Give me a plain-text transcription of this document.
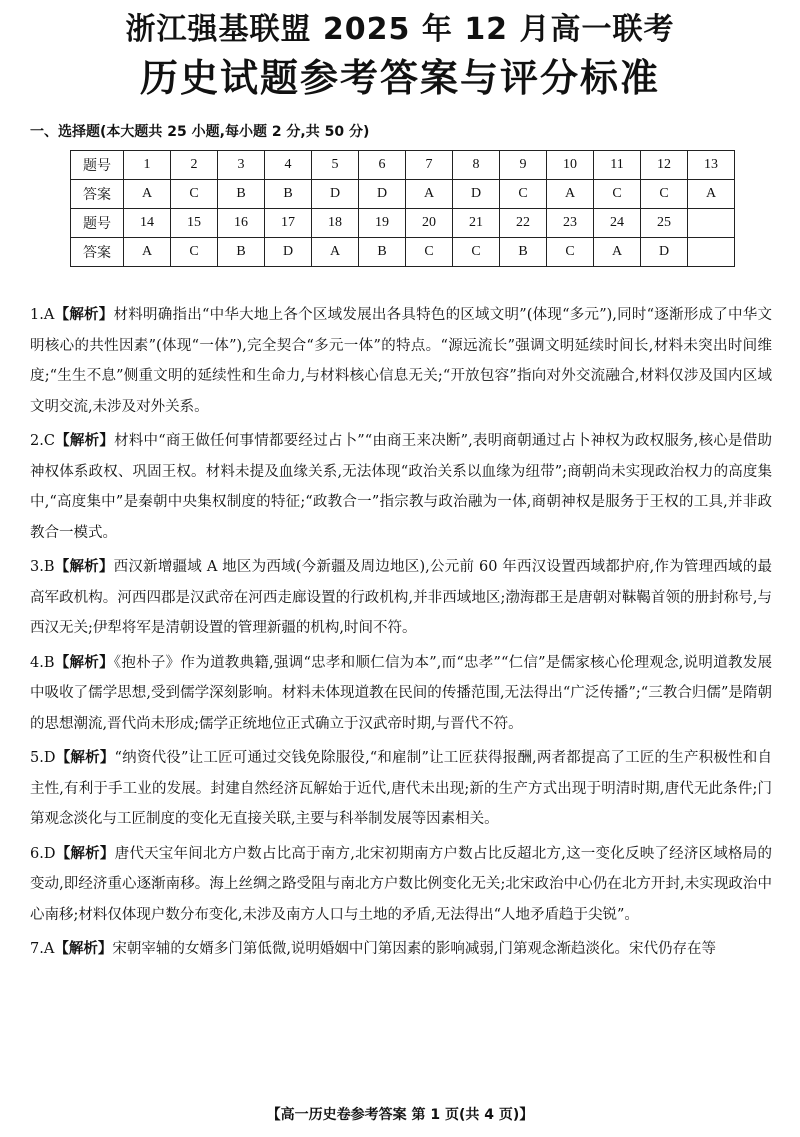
浙江强基联盟 2025 年 12 月高一联考
历史试题参考答案与评分标准
一、选择题(本大题共 25 小题,每小题 2 分,共 50 分)
题号	1	2	3	4	5	6	7	8	9	10	11	12	13
答案	A	C	B	B	D	D	A	D	C	A	C	C	A
题号	14	15	16	17	18	19	20	21	22	23	24	25	
答案	A	C	B	D	A	B	C	C	B	C	A	D	
1.A【解析】材料明确指出“中华大地上各个区域发展出各具特色的区域文明”(体现“多元”),同时“逐渐形成了中华文明核心的共性因素”(体现“一体”),完全契合“多元一体”的特点。“源远流长”强调文明延续时间长,材料未突出时间维度;“生生不息”侧重文明的延续性和生命力,与材料核心信息无关;“开放包容”指向对外交流融合,材料仅涉及国内区域文明交流,未涉及对外关系。
2.C【解析】材料中“商王做任何事情都要经过占卜”“由商王来决断”,表明商朝通过占卜神权为政权服务,核心是借助神权体系政权、巩固王权。材料未提及血缘关系,无法体现“政治关系以血缘为纽带”;商朝尚未实现政治权力的高度集中,“高度集中”是秦朝中央集权制度的特征;“政教合一”指宗教与政治融为一体,商朝神权是服务于王权的工具,并非政教合一模式。
3.B【解析】西汉新增疆域 A 地区为西域(今新疆及周边地区),公元前 60 年西汉设置西域都护府,作为管理西域的最高军政机构。河西四郡是汉武帝在河西走廊设置的行政机构,并非西域地区;渤海郡王是唐朝对靺鞨首领的册封称号,与西汉无关;伊犁将军是清朝设置的管理新疆的机构,时间不符。
4.B【解析】《抱朴子》作为道教典籍,强调“忠孝和顺仁信为本”,而“忠孝”“仁信”是儒家核心伦理观念,说明道教发展中吸收了儒学思想,受到儒学深刻影响。材料未体现道教在民间的传播范围,无法得出“广泛传播”;“三教合归儒”是隋朝的思想潮流,晋代尚未形成;儒学正统地位正式确立于汉武帝时期,与晋代不符。
5.D【解析】“纳资代役”让工匠可通过交钱免除服役,“和雇制”让工匠获得报酬,两者都提高了工匠的生产积极性和自主性,有利于手工业的发展。封建自然经济瓦解始于近代,唐代未出现;新的生产方式出现于明清时期,唐代无此条件;门第观念淡化与工匠制度的变化无直接关联,主要与科举制发展等因素相关。
6.D【解析】唐代天宝年间北方户数占比高于南方,北宋初期南方户数占比反超北方,这一变化反映了经济区域格局的变动,即经济重心逐渐南移。海上丝绸之路受阻与南北方户数比例变化无关;北宋政治中心仍在北方开封,未实现政治中心南移;材料仅体现户数分布变化,未涉及南方人口与土地的矛盾,无法得出“人地矛盾趋于尖锐”。
7.A【解析】宋朝宰辅的女婿多门第低微,说明婚姻中门第因素的影响减弱,门第观念渐趋淡化。宋代仍存在等
【高一历史卷参考答案 第 1 页(共 4 页)】
